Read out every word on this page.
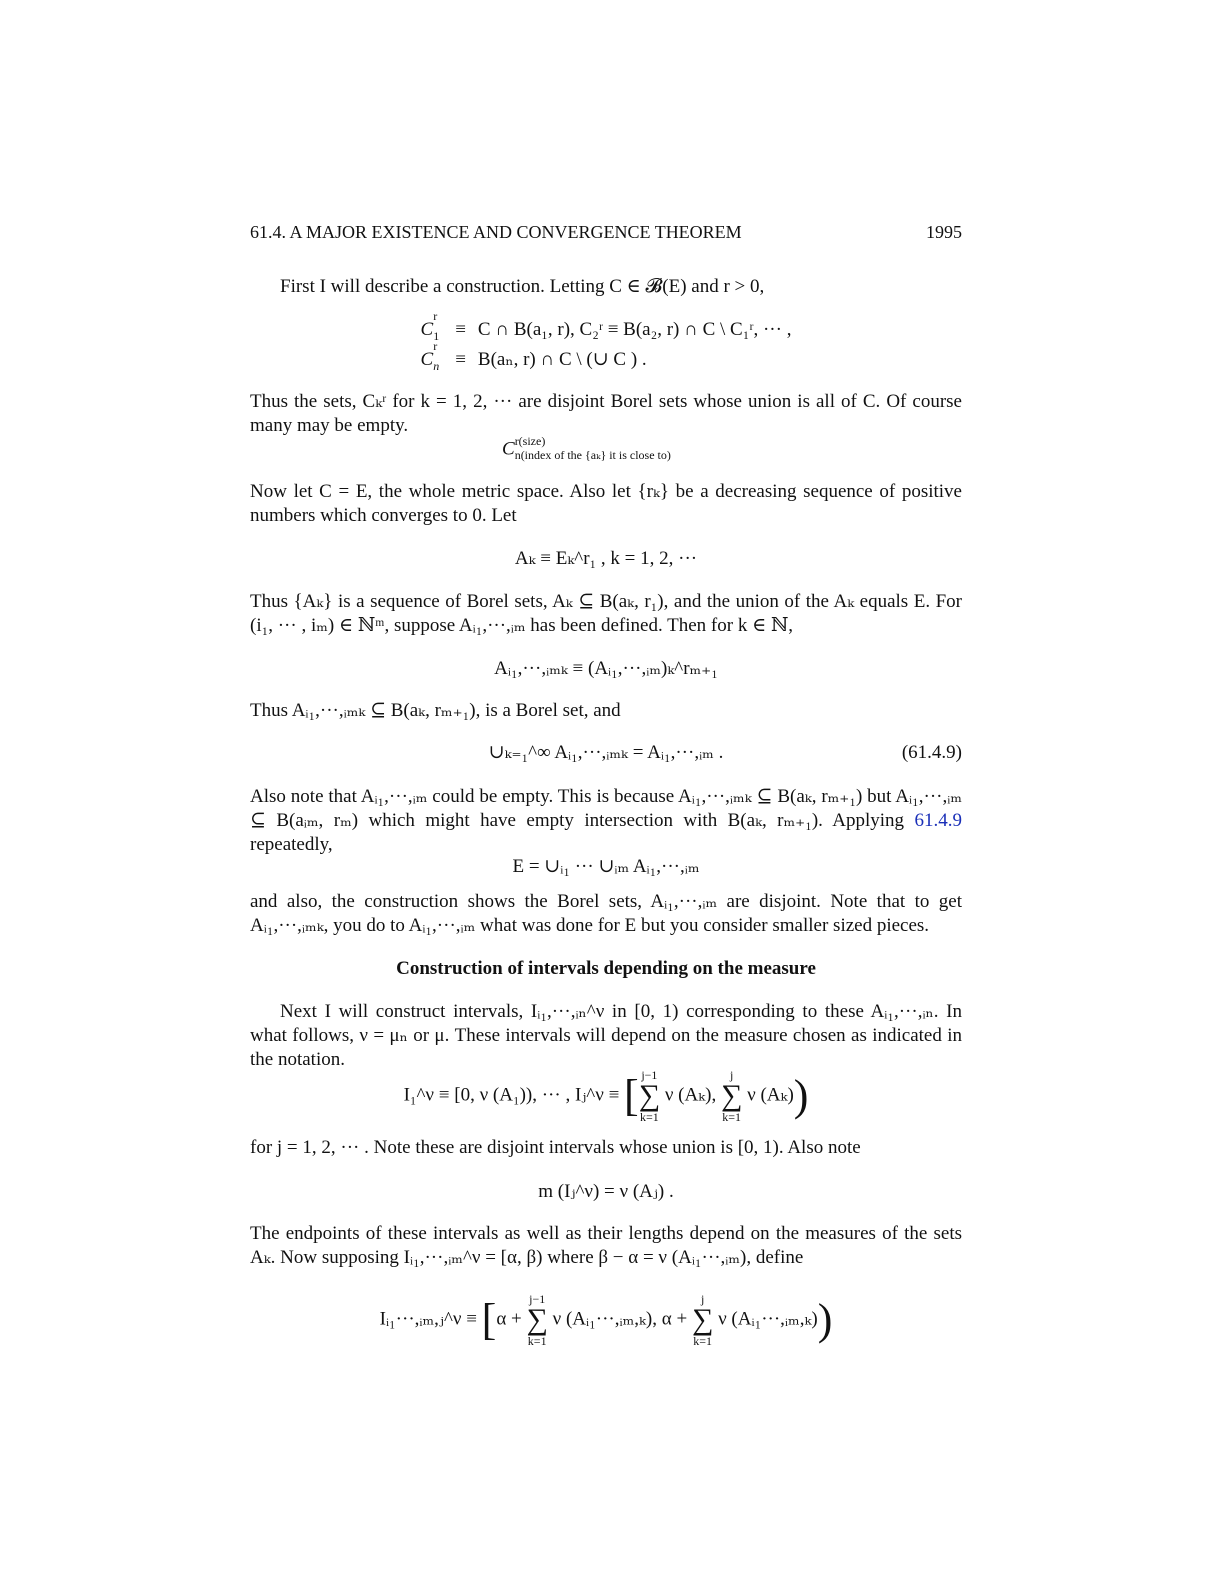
61.4. A MAJOR EXISTENCE AND CONVERGENCE THEOREM	1995
First I will describe a construction. Letting C ∈ 𝓑(E) and r > 0,
$C_1^r$	≡	C ∩ B(a₁, r), C₂ʳ ≡ B(a₂, r) ∩ C \ C₁ʳ, ··· ,
$C_n^r$	≡	B(aₙ, r) ∩ C \ (∪ C ) .
Thus the sets, Cₖʳ for k = 1, 2, ··· are disjoint Borel sets whose union is all of C. Of course many may be empty.
C r(size)
n(index of the {aₖ} it is close to)
Now let C = E, the whole metric space. Also let {rₖ} be a decreasing sequence of positive numbers which converges to 0. Let
Aₖ ≡ Eₖ^r₁ , k = 1, 2, ···
Thus {Aₖ} is a sequence of Borel sets, Aₖ ⊆ B(aₖ, r₁), and the union of the Aₖ equals E. For (i₁, ··· , iₘ) ∈ ℕᵐ, suppose Aᵢ₁,···,ᵢₘ has been defined. Then for k ∈ ℕ,
Aᵢ₁,···,ᵢₘₖ ≡ (Aᵢ₁,···,ᵢₘ)ₖ^rₘ₊₁
Thus Aᵢ₁,···,ᵢₘₖ ⊆ B(aₖ, rₘ₊₁), is a Borel set, and
∪ₖ₌₁^∞ Aᵢ₁,···,ᵢₘₖ = Aᵢ₁,···,ᵢₘ .	(61.4.9)
Also note that Aᵢ₁,···,ᵢₘ could be empty. This is because Aᵢ₁,···,ᵢₘₖ ⊆ B(aₖ, rₘ₊₁) but Aᵢ₁,···,ᵢₘ ⊆ B(aᵢₘ, rₘ) which might have empty intersection with B(aₖ, rₘ₊₁). Applying 61.4.9 repeatedly,
E = ∪ᵢ₁ ··· ∪ᵢₘ Aᵢ₁,···,ᵢₘ
and also, the construction shows the Borel sets, Aᵢ₁,···,ᵢₘ are disjoint. Note that to get Aᵢ₁,···,ᵢₘₖ, you do to Aᵢ₁,···,ᵢₘ what was done for E but you consider smaller sized pieces.
Construction of intervals depending on the measure
Next I will construct intervals, Iᵢ₁,···,ᵢₙ^ν in [0, 1) corresponding to these Aᵢ₁,···,ᵢₙ. In what follows, ν = μₙ or μ. These intervals will depend on the measure chosen as indicated in the notation.
I₁^ν ≡ [0, ν (A₁)), ··· , Iⱼ^ν ≡ [ j−1
∑
k=1
ν (Aₖ),
j
∑
k=1
ν (Aₖ))
for j = 1, 2, ··· . Note these are disjoint intervals whose union is [0, 1). Also note
m (Iⱼ^ν) = ν (Aⱼ) .
The endpoints of these intervals as well as their lengths depend on the measures of the sets Aₖ. Now supposing Iᵢ₁,···,ᵢₘ^ν = [α, β) where β − α = ν (Aᵢ₁···,ᵢₘ), define
Iᵢ₁···,ᵢₘ,ⱼ^ν ≡ [α +
j−1
∑
k=1
ν (Aᵢ₁···,ᵢₘ,ₖ), α +
j
∑
k=1
ν (Aᵢ₁···,ᵢₘ,ₖ))
